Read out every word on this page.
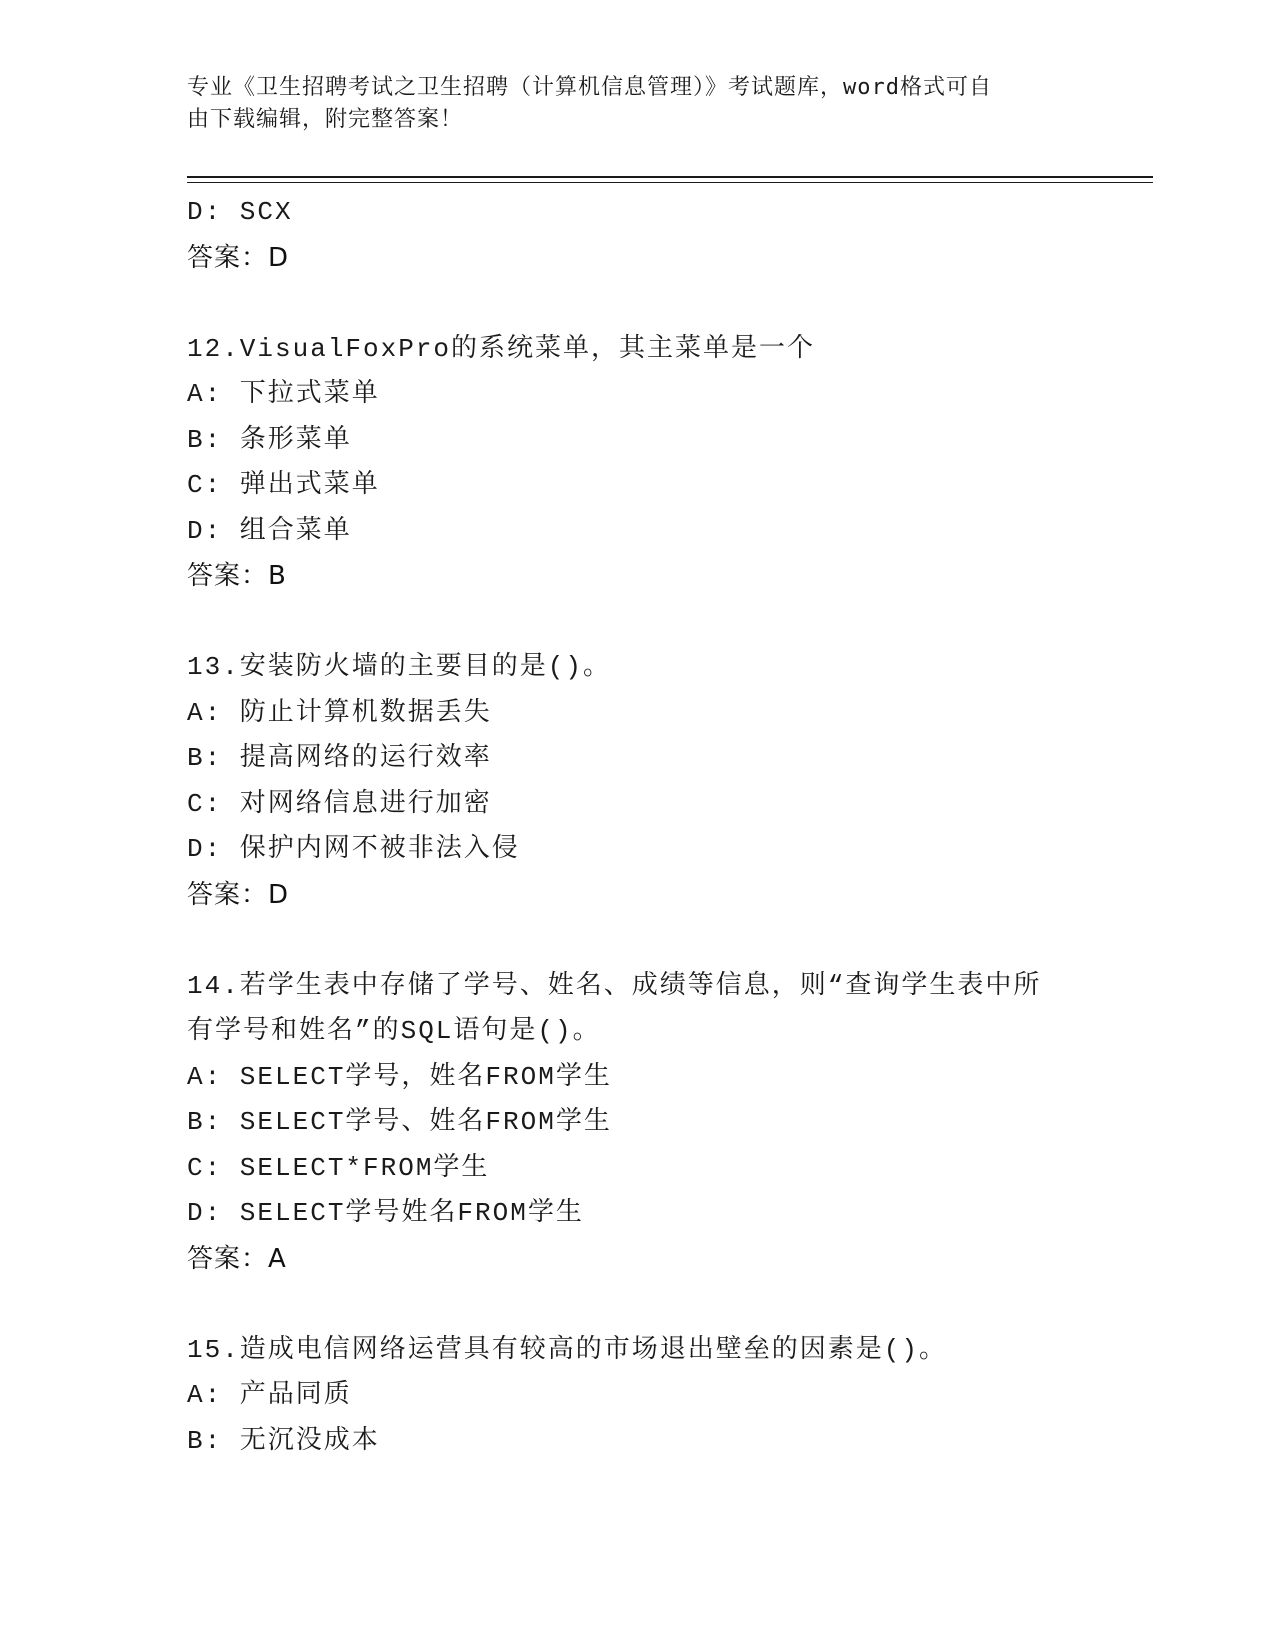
专业《卫生招聘考试之卫生招聘（计算机信息管理）》考试题库，word格式可自
由下载编辑，附完整答案！
D: SCX
答案：D
12.VisualFoxPro的系统菜单，其主菜单是一个
A: 下拉式菜单
B: 条形菜单
C: 弹出式菜单
D: 组合菜单
答案：B
13.安装防火墙的主要目的是()。
A: 防止计算机数据丢失
B: 提高网络的运行效率
C: 对网络信息进行加密
D: 保护内网不被非法入侵
答案：D
14.若学生表中存储了学号、姓名、成绩等信息，则“查询学生表中所
有学号和姓名”的SQL语句是()。
A: SELECT学号，姓名FROM学生
B: SELECT学号、姓名FROM学生
C: SELECT*FROM学生
D: SELECT学号姓名FROM学生
答案：A
15.造成电信网络运营具有较高的市场退出壁垒的因素是()。
A: 产品同质
B: 无沉没成本
